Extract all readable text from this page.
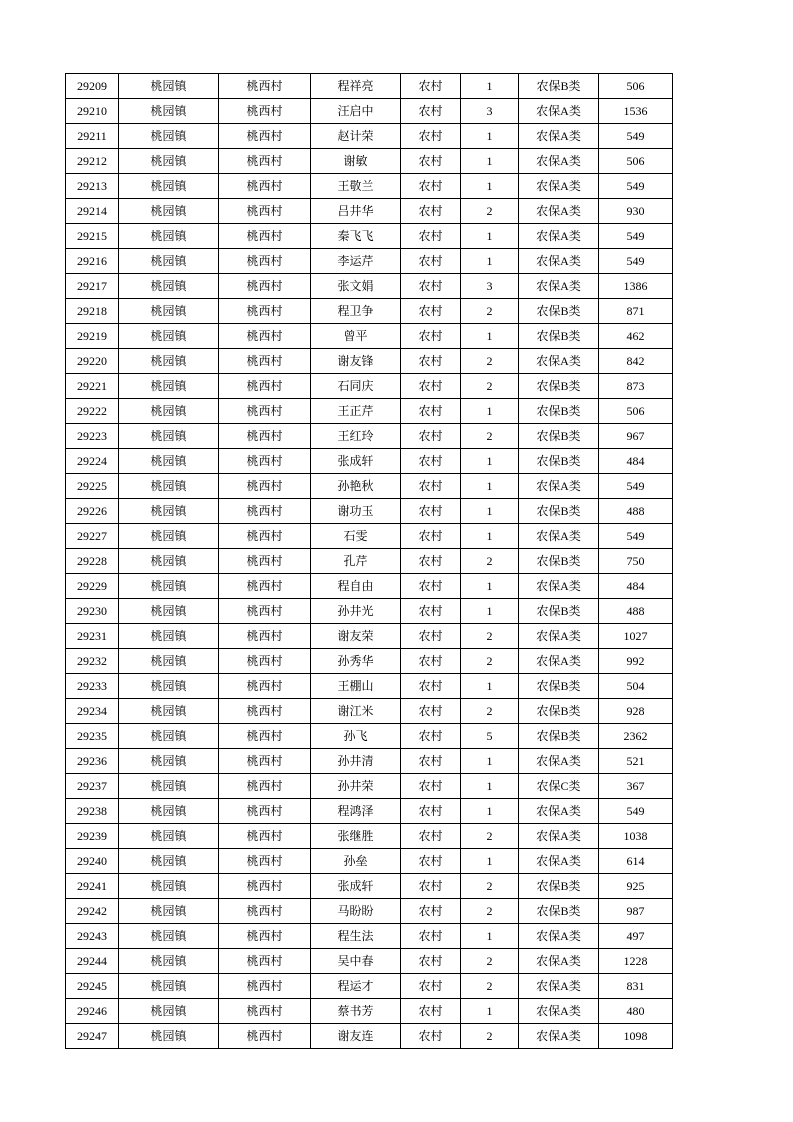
29209	桃园镇	桃西村	程祥亮	农村	1	农保B类	506
29210	桃园镇	桃西村	汪启中	农村	3	农保A类	1536
29211	桃园镇	桃西村	赵计荣	农村	1	农保A类	549
29212	桃园镇	桃西村	谢敏	农村	1	农保A类	506
29213	桃园镇	桃西村	王敬兰	农村	1	农保A类	549
29214	桃园镇	桃西村	吕井华	农村	2	农保A类	930
29215	桃园镇	桃西村	秦飞飞	农村	1	农保A类	549
29216	桃园镇	桃西村	李运芹	农村	1	农保A类	549
29217	桃园镇	桃西村	张文娟	农村	3	农保A类	1386
29218	桃园镇	桃西村	程卫争	农村	2	农保B类	871
29219	桃园镇	桃西村	曾平	农村	1	农保B类	462
29220	桃园镇	桃西村	谢友锋	农村	2	农保A类	842
29221	桃园镇	桃西村	石同庆	农村	2	农保B类	873
29222	桃园镇	桃西村	王正芹	农村	1	农保B类	506
29223	桃园镇	桃西村	王红玲	农村	2	农保B类	967
29224	桃园镇	桃西村	张成轩	农村	1	农保B类	484
29225	桃园镇	桃西村	孙艳秋	农村	1	农保A类	549
29226	桃园镇	桃西村	谢功玉	农村	1	农保B类	488
29227	桃园镇	桃西村	石雯	农村	1	农保A类	549
29228	桃园镇	桃西村	孔芹	农村	2	农保B类	750
29229	桃园镇	桃西村	程自由	农村	1	农保A类	484
29230	桃园镇	桃西村	孙井光	农村	1	农保B类	488
29231	桃园镇	桃西村	谢友荣	农村	2	农保A类	1027
29232	桃园镇	桃西村	孙秀华	农村	2	农保A类	992
29233	桃园镇	桃西村	王棚山	农村	1	农保B类	504
29234	桃园镇	桃西村	谢江米	农村	2	农保B类	928
29235	桃园镇	桃西村	孙飞	农村	5	农保B类	2362
29236	桃园镇	桃西村	孙井清	农村	1	农保A类	521
29237	桃园镇	桃西村	孙井荣	农村	1	农保C类	367
29238	桃园镇	桃西村	程鸿泽	农村	1	农保A类	549
29239	桃园镇	桃西村	张继胜	农村	2	农保A类	1038
29240	桃园镇	桃西村	孙垒	农村	1	农保A类	614
29241	桃园镇	桃西村	张成轩	农村	2	农保B类	925
29242	桃园镇	桃西村	马盼盼	农村	2	农保B类	987
29243	桃园镇	桃西村	程生法	农村	1	农保A类	497
29244	桃园镇	桃西村	吴中春	农村	2	农保A类	1228
29245	桃园镇	桃西村	程运才	农村	2	农保A类	831
29246	桃园镇	桃西村	蔡书芳	农村	1	农保A类	480
29247	桃园镇	桃西村	谢友连	农村	2	农保A类	1098
